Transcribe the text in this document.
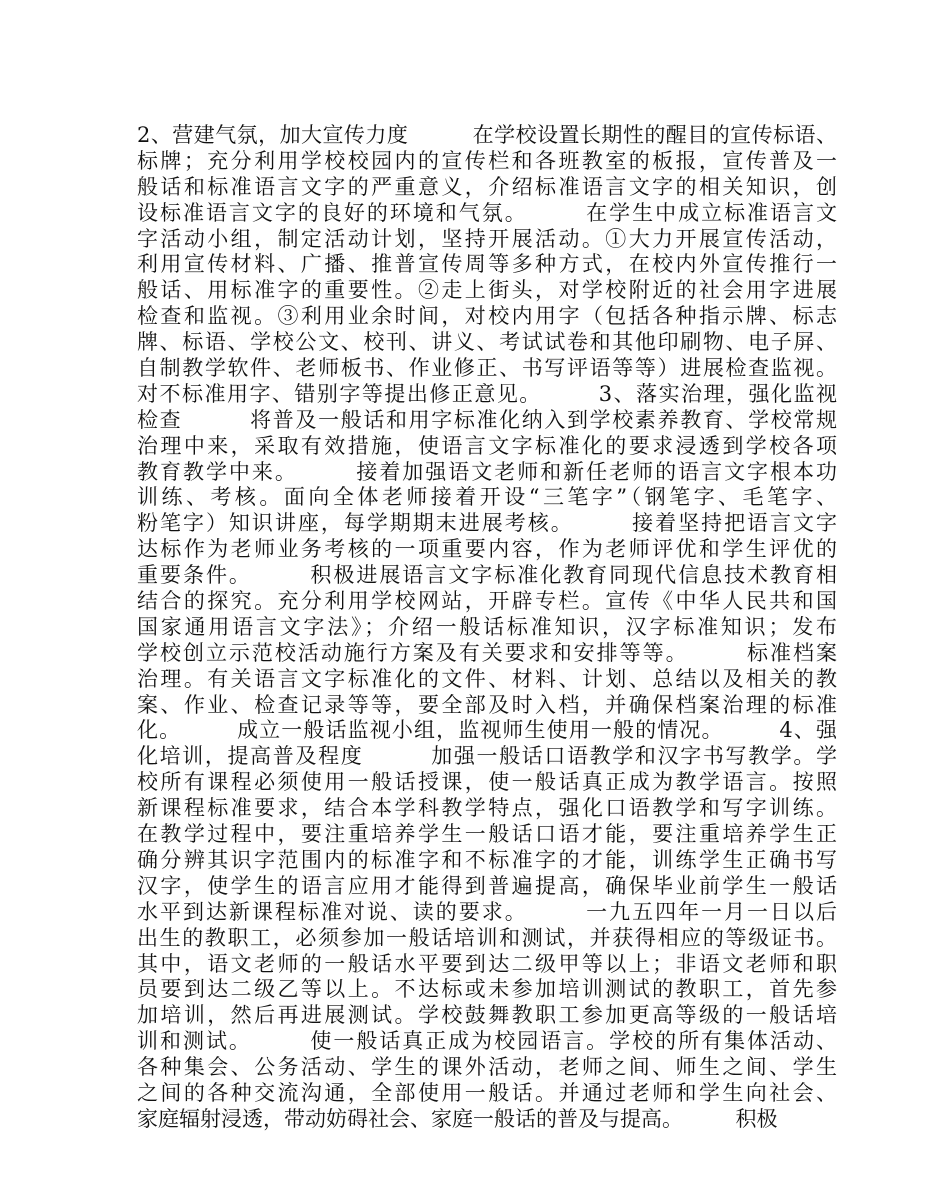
2、营建气氛，加大宣传力度　　　在学校设置长期性的醒目的宣传标语、
标牌；充分利用学校校园内的宣传栏和各班教室的板报，宣传普及一
般话和标准语言文字的严重意义，介绍标准语言文字的相关知识，创
设标准语言文字的良好的环境和气氛。　　　在学生中成立标准语言文
字活动小组，制定活动计划，坚持开展活动。①大力开展宣传活动，
利用宣传材料、广播、推普宣传周等多种方式，在校内外宣传推行一
般话、用标准字的重要性。②走上街头，对学校附近的社会用字进展
检查和监视。③利用业余时间，对校内用字（包括各种指示牌、标志
牌、标语、学校公文、校刊、讲义、考试试卷和其他印刷物、电子屏、
自制教学软件、老师板书、作业修正、书写评语等等）进展检查监视。
对不标准用字、错别字等提出修正意见。　　　3、落实治理，强化监视
检查　　　将普及一般话和用字标准化纳入到学校素养教育、学校常规
治理中来，采取有效措施，使语言文字标准化的要求浸透到学校各项
教育教学中来。　　　接着加强语文老师和新任老师的语言文字根本功
训练、考核。面向全体老师接着开设“三笔字”（钢笔字、毛笔字、
粉笔字）知识讲座，每学期期末进展考核。　　　接着坚持把语言文字
达标作为老师业务考核的一项重要内容，作为老师评优和学生评优的
重要条件。　　　积极进展语言文字标准化教育同现代信息技术教育相
结合的探究。充分利用学校网站，开辟专栏。宣传《中华人民共和国
国家通用语言文字法》；介绍一般话标准知识，汉字标准知识；发布
学校创立示范校活动施行方案及有关要求和安排等等。　　　标准档案
治理。有关语言文字标准化的文件、材料、计划、总结以及相关的教
案、作业、检查记录等等，要全部及时入档，并确保档案治理的标准
化。　　　成立一般话监视小组，监视师生使用一般的情况。　　　4、强
化培训，提高普及程度　　　加强一般话口语教学和汉字书写教学。学
校所有课程必须使用一般话授课，使一般话真正成为教学语言。按照
新课程标准要求，结合本学科教学特点，强化口语教学和写字训练。
在教学过程中，要注重培养学生一般话口语才能，要注重培养学生正
确分辨其识字范围内的标准字和不标准字的才能，训练学生正确书写
汉字，使学生的语言应用才能得到普遍提高，确保毕业前学生一般话
水平到达新课程标准对说、读的要求。　　　一九五四年一月一日以后
出生的教职工，必须参加一般话培训和测试，并获得相应的等级证书。
其中，语文老师的一般话水平要到达二级甲等以上；非语文老师和职
员要到达二级乙等以上。不达标或未参加培训测试的教职工，首先参
加培训，然后再进展测试。学校鼓舞教职工参加更高等级的一般话培
训和测试。　　　使一般话真正成为校园语言。学校的所有集体活动、
各种集会、公务活动、学生的课外活动，老师之间、师生之间、学生
之间的各种交流沟通，全部使用一般话。并通过老师和学生向社会、
家庭辐射浸透，带动妨碍社会、家庭一般话的普及与提高。　　　积极
